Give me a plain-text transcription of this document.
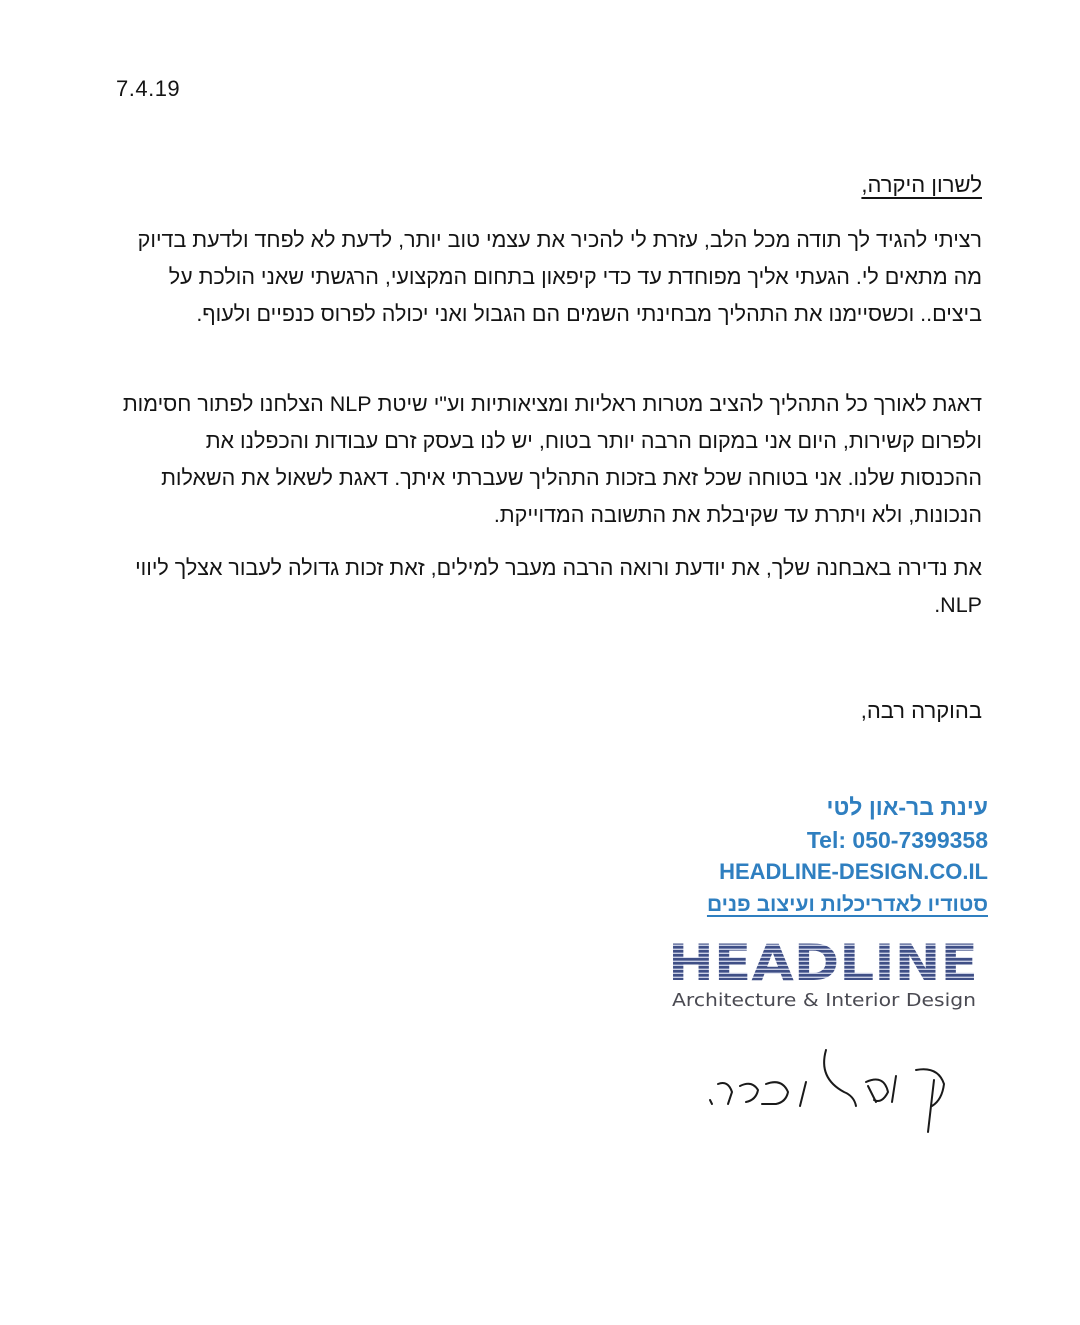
7.4.19
לשרון היקרה,

רציתי להגיד לך תודה מכל הלב, עזרת לי להכיר את עצמי טוב יותר, לדעת לא לפחד ולדעת בדיוק מה מתאים לי. הגעתי אליך מפוחדת עד כדי קיפאון בתחום המקצועי, הרגשתי שאני הולכת על ביצים.. וכשסיימנו את התהליך מבחינתי השמים הם הגבול ואני יכולה לפרוס כנפיים ולעוף.

דאגת לאורך כל התהליך להציב מטרות ראליות ומציאותיות וע"י שיטת NLP הצלחנו לפתור חסימות ולפרום קשירות, היום אני במקום הרבה יותר בטוח, יש לנו בעסק זרם עבודות והכפלנו את ההכנסות שלנו. אני בטוחה שכל זאת בזכות התהליך שעברתי איתך. דאגת לשאול את השאלות הנכונות, ולא ויתרת עד שקיבלת את התשובה המדוייקת.

את נדירה באבחנה שלך, את יודעת ורואה הרבה מעבר למילים, זאת זכות גדולה לעבור אצלך ליווי NLP.

בהוקרה רבה,
עינת בר-און לטי
Tel: 050-7399358
HEADLINE-DESIGN.CO.IL
סטודיו לאדריכלות ועיצוב פנים
HEADLINE
Architecture & Interior Design
